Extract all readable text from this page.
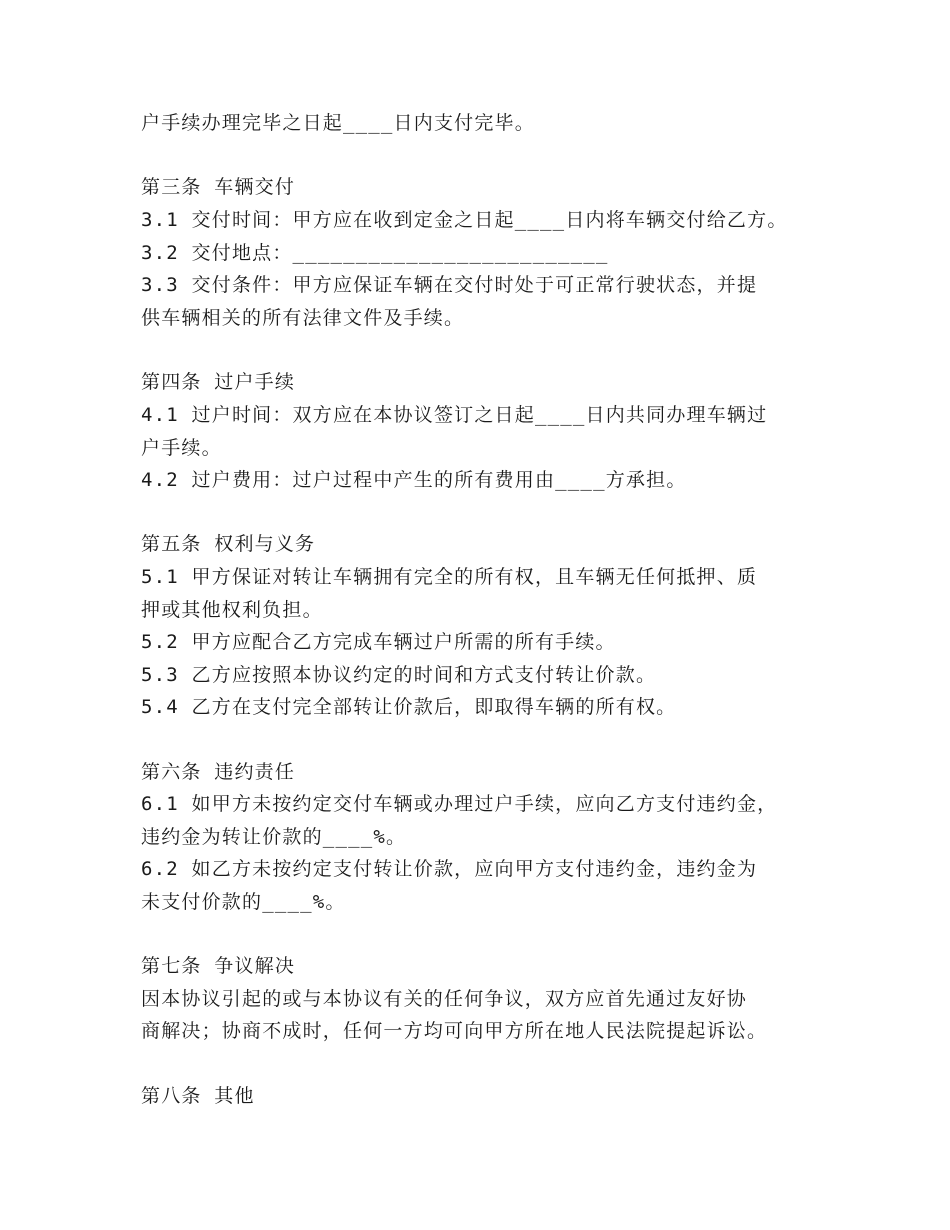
户手续办理完毕之日起____日内支付完毕。
第三条 车辆交付
3.1 交付时间：甲方应在收到定金之日起____日内将车辆交付给乙方。
3.2 交付地点：_________________________
3.3 交付条件：甲方应保证车辆在交付时处于可正常行驶状态，并提
供车辆相关的所有法律文件及手续。
第四条 过户手续
4.1 过户时间：双方应在本协议签订之日起____日内共同办理车辆过
户手续。
4.2 过户费用：过户过程中产生的所有费用由____方承担。
第五条 权利与义务
5.1 甲方保证对转让车辆拥有完全的所有权，且车辆无任何抵押、质
押或其他权利负担。
5.2 甲方应配合乙方完成车辆过户所需的所有手续。
5.3 乙方应按照本协议约定的时间和方式支付转让价款。
5.4 乙方在支付完全部转让价款后，即取得车辆的所有权。
第六条 违约责任
6.1 如甲方未按约定交付车辆或办理过户手续，应向乙方支付违约金，
违约金为转让价款的____%。
6.2 如乙方未按约定支付转让价款，应向甲方支付违约金，违约金为
未支付价款的____%。
第七条 争议解决
因本协议引起的或与本协议有关的任何争议，双方应首先通过友好协
商解决；协商不成时，任何一方均可向甲方所在地人民法院提起诉讼。
第八条 其他
